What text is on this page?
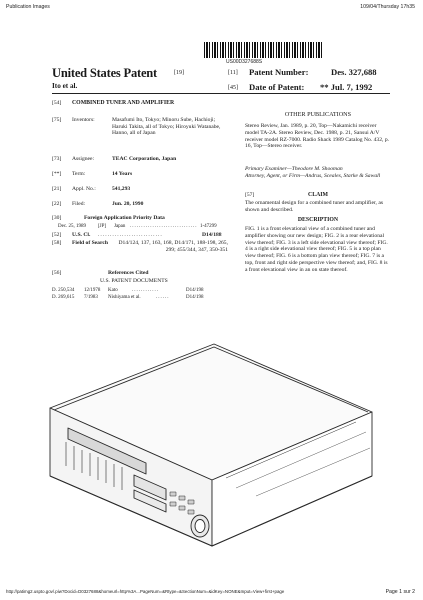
Publication Images	109/04/Thursday 17h35
US00D327688S
United States Patent	[19]
Ito et al.
[11] Patent Number:	Des. 327,688
[45] Date of Patent: ** Jul. 7, 1992
[54] COMBINED TUNER AND AMPLIFIER
[75] Inventors:	Masafumi Ito, Tokyo; Minoru Sube, Hachioji; Haruki Takita, all of Tokyo; Hiroyuki Watanabe, Hanno, all of Japan
[73] Assignee:	TEAC Corporation, Japan
[**] Term:	14 Years
[21] Appl. No.:	541,293
[22] Filed:	Jun. 20, 1990
[30]	Foreign Application Priority Data
Dec. 25, 1989 [JP] Japan .............................. 1-47299
[52] U.S. Cl. ...........................	D14/188
[58] Field of Search	D14/124, 137, 163, 168, D14/171, 188-198, 265, 299; 455/344, 347, 350-351
[56]	References Cited
U.S. PATENT DOCUMENTS
D. 250,534 12/1978 Kato	............	D14/198
D. 269,615 7/1983 Nishiyama et al.	......	D14/198
OTHER PUBLICATIONS
Stereo Review, Jan. 1989, p. 20, Top—Nakamichi receiver model TA-2A. Stereo Review, Dec. 1988, p. 21, Sansui A/V receiver model RZ-7000. Radio Shack 1989 Catalog No. 432, p. 16, Top—Stereo receiver.
Primary Examiner—Theodore M. Shooman
Attorney, Agent, or Firm—Andrus, Sceales, Starke & Sawall
[57]	CLAIM
The ornamental design for a combined tuner and amplifier, as shown and described.
DESCRIPTION
FIG. 1 is a front elevational view of a combined tuner and amplifier showing our new design; FIG. 2 is a rear elevational view thereof; FIG. 3 is a left side elevational view thereof; FIG. 4 is a right side elevational view thereof; FIG. 5 is a top plan view thereof; FIG. 6 is a bottom plan view thereof; FIG. 7 is a top, front and right side perspective view thereof; and, FIG. 8 is a front elevational view in an on state thereof.
http://patimg2.uspto.gov/.piw?Docid=D0327688&homeurl=http%3A...PageNum=&Rtype=&SectionNum=&idKey=NONE&Input=View+first+page	Page 1 sur 2
